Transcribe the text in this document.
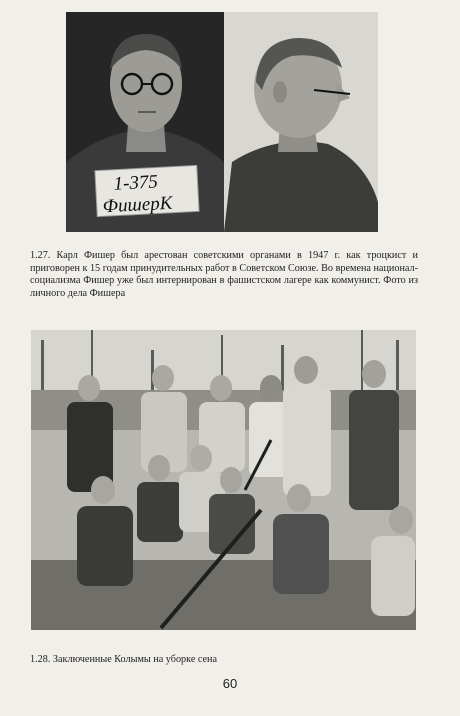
1-375
ФишерК

1.27. Карл Фишер был арестован советскими органами в 1947 г. как троцкист и приговорен к 15 годам принудительных работ в Советском Союзе. Во времена национал-социализма Фишер уже был интернирован в фашистском лагере как коммунист. Фото из личного дела Фишера

1.28. Заключенные Колымы на уборке сена

60
